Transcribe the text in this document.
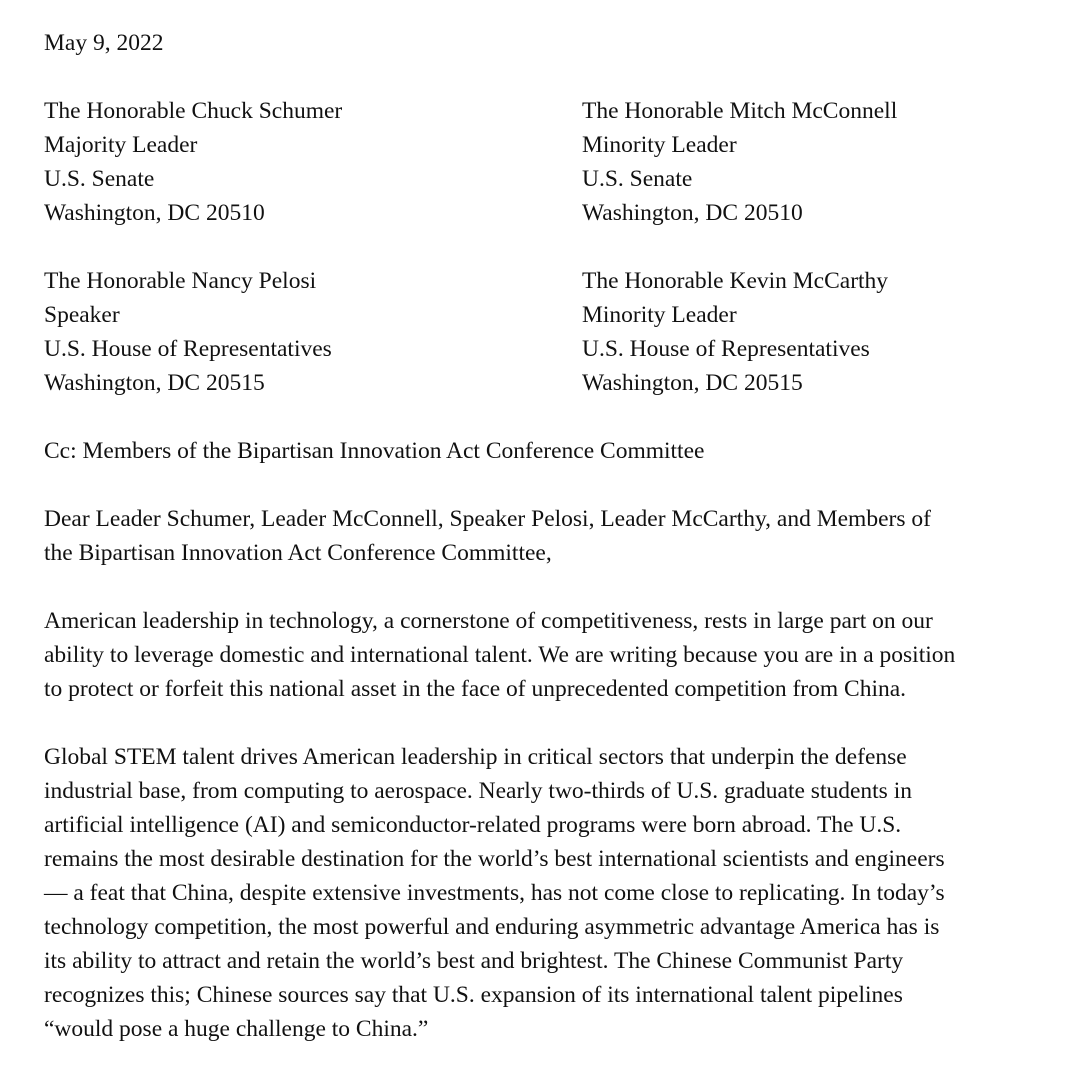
May 9, 2022
The Honorable Chuck Schumer
Majority Leader
U.S. Senate
Washington, DC 20510
The Honorable Mitch McConnell
Minority Leader
U.S. Senate
Washington, DC 20510
The Honorable Nancy Pelosi
Speaker
U.S. House of Representatives
Washington, DC 20515
The Honorable Kevin McCarthy
Minority Leader
U.S. House of Representatives
Washington, DC 20515
Cc: Members of the Bipartisan Innovation Act Conference Committee
Dear Leader Schumer, Leader McConnell, Speaker Pelosi, Leader McCarthy, and Members of
the Bipartisan Innovation Act Conference Committee,
American leadership in technology, a cornerstone of competitiveness, rests in large part on our
ability to leverage domestic and international talent. We are writing because you are in a position
to protect or forfeit this national asset in the face of unprecedented competition from China.
Global STEM talent drives American leadership in critical sectors that underpin the defense
industrial base, from computing to aerospace. Nearly two-thirds of U.S. graduate students in
artificial intelligence (AI) and semiconductor-related programs were born abroad. The U.S.
remains the most desirable destination for the world’s best international scientists and engineers
— a feat that China, despite extensive investments, has not come close to replicating. In today’s
technology competition, the most powerful and enduring asymmetric advantage America has is
its ability to attract and retain the world’s best and brightest. The Chinese Communist Party
recognizes this; Chinese sources say that U.S. expansion of its international talent pipelines
“would pose a huge challenge to China.”
